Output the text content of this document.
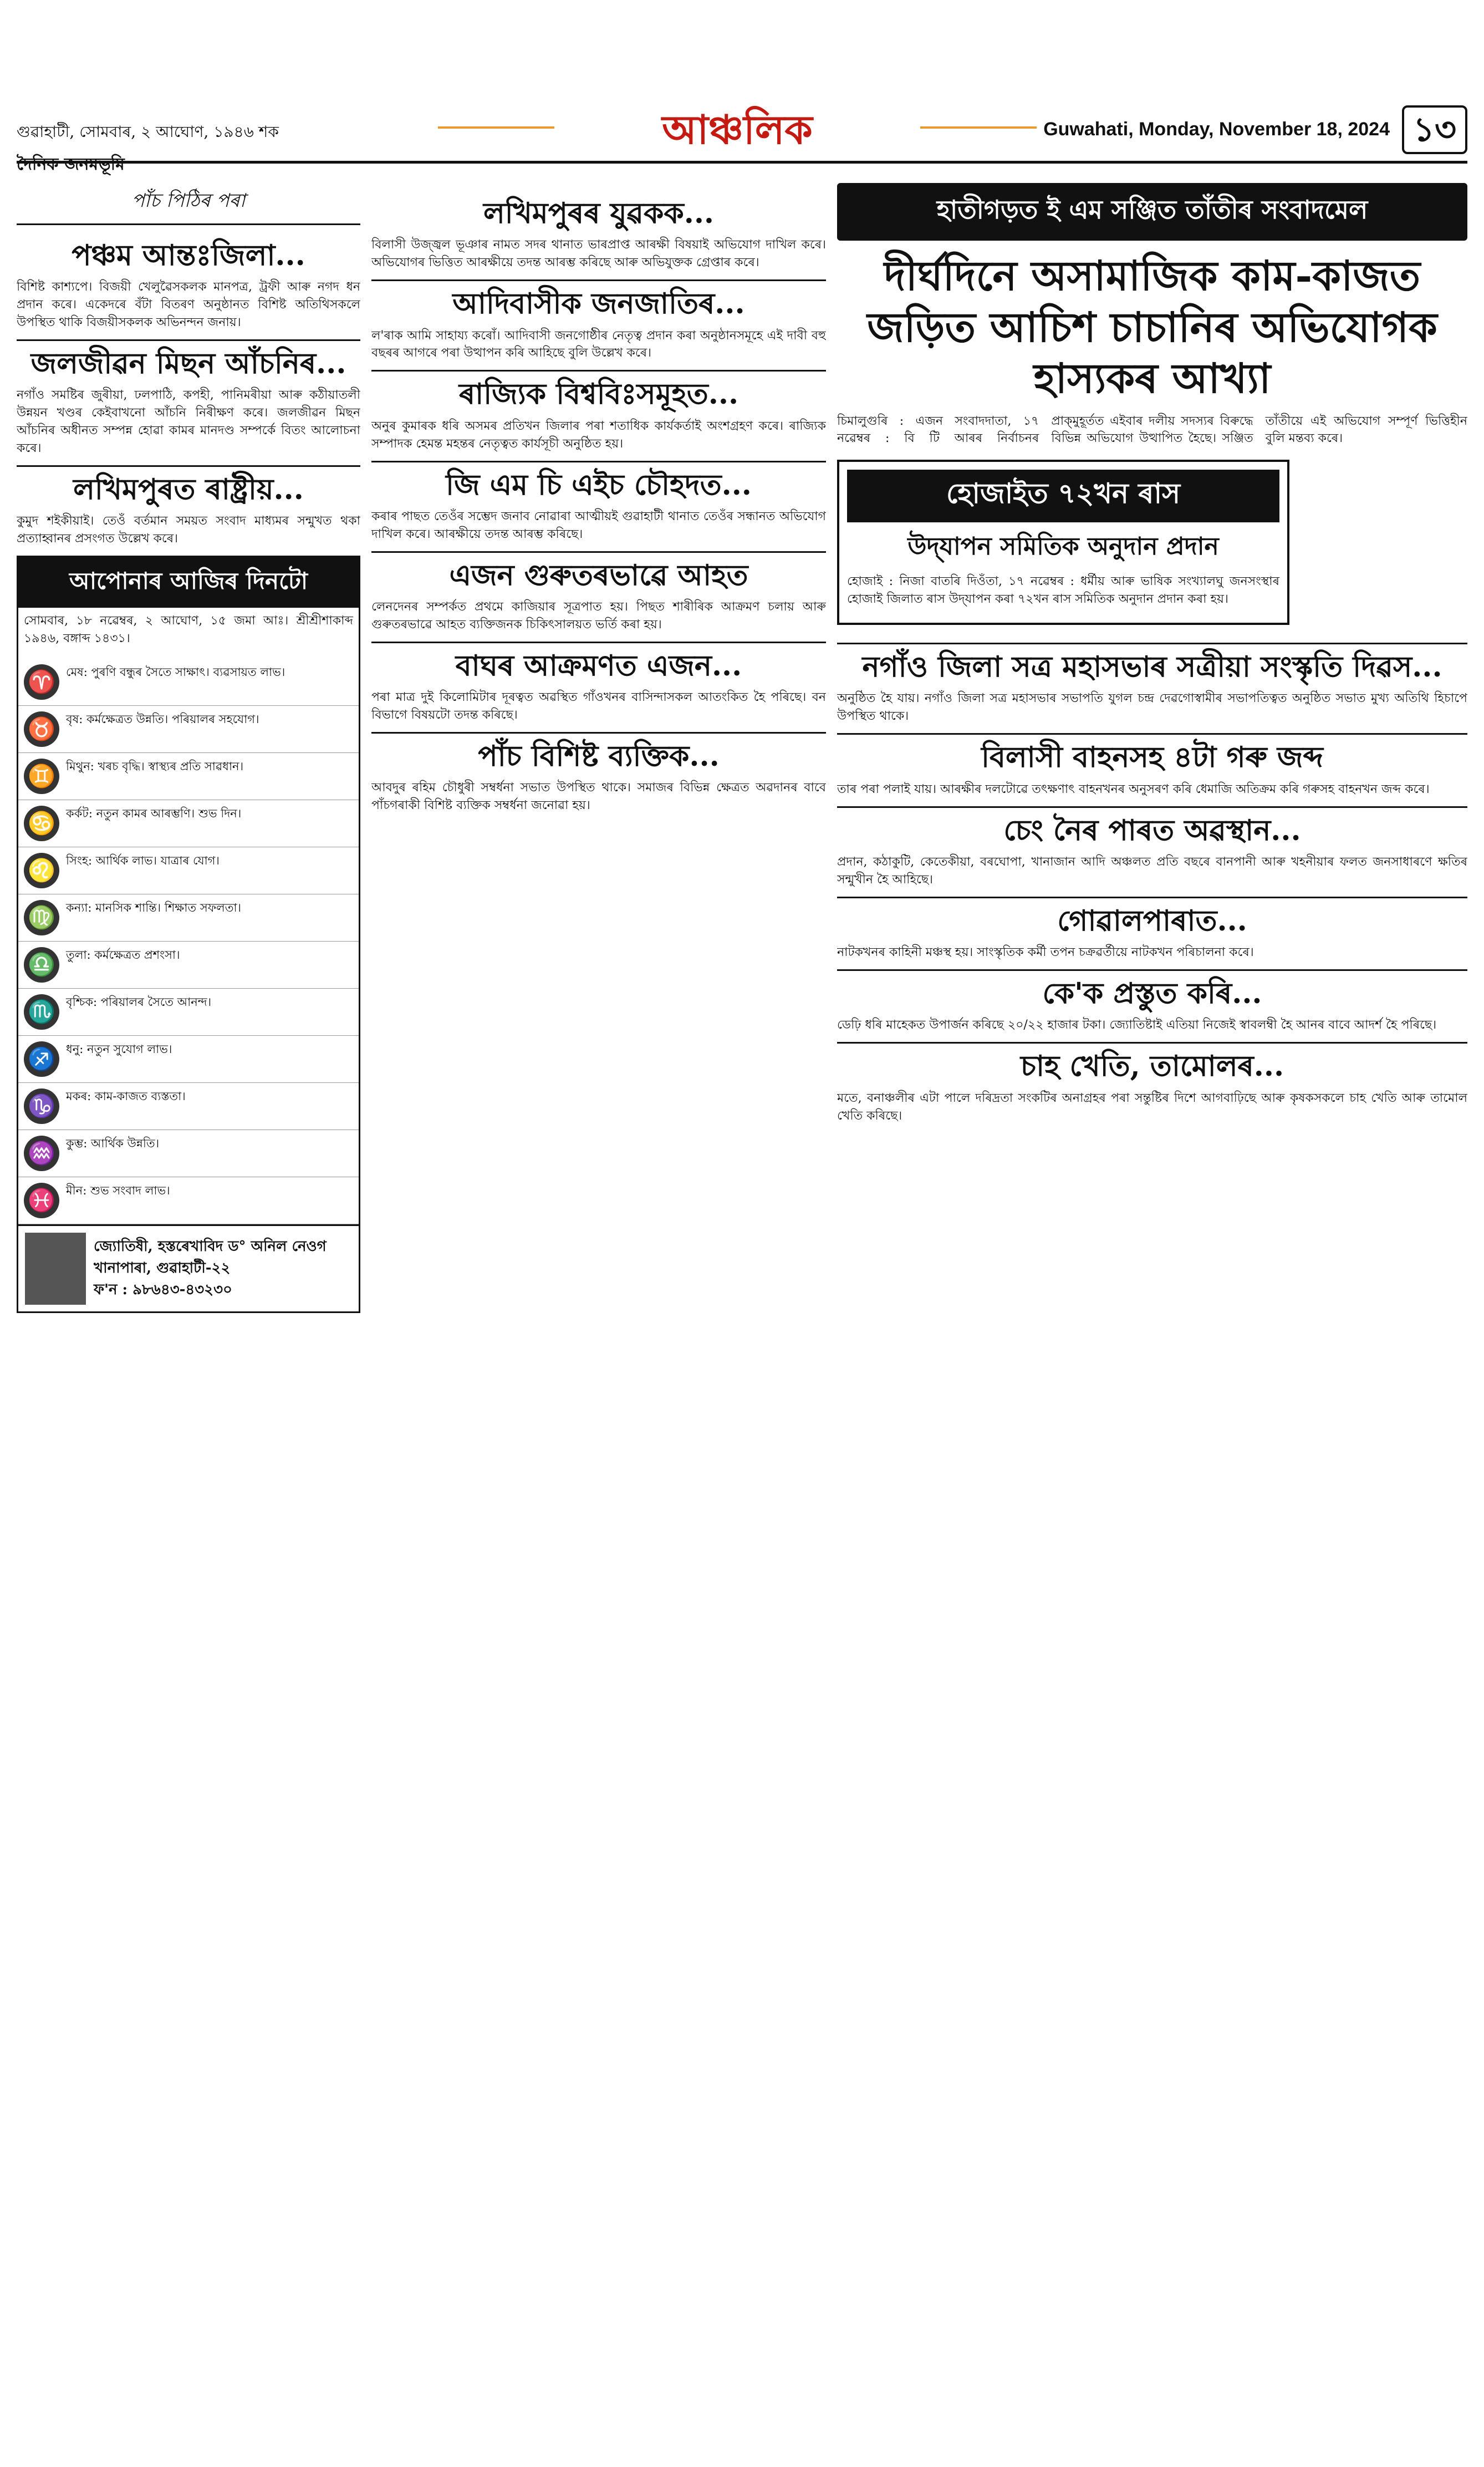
গুৱাহাটী, সোমবাৰ, ২ আঘোণ, ১৯৪৬ শক
দৈনিক জনমভূমি
আঞ্চলিক	Guwahati, Monday, November 18, 2024 ১৩
পাঁচ পিঠিৰ পৰা
পঞ্চম আন্তঃজিলা...

বিশিষ্ট কাশ্যপে। বিজয়ী খেলুৱৈসকলক মানপত্ৰ, ট্ৰফী আৰু নগদ ধন প্ৰদান কৰে। একেদৰে বঁটা বিতৰণ অনুষ্ঠানত বিশিষ্ট অতিথিসকলে উপস্থিত থাকি বিজয়ীসকলক অভিনন্দন জনায়।

জলজীৱন মিছন আঁচনিৰ...

নগাঁও সমষ্টিৰ জুৰীয়া, ঢলপাঠি, কপহী, পানিমৰীয়া আৰু কঠীয়াতলী উন্নয়ন খণ্ডৰ কেইবাখনো আঁচনি নিৰীক্ষণ কৰে। জলজীৱন মিছন আঁচনিৰ অধীনত সম্পন্ন হোৱা কামৰ মানদণ্ড সম্পৰ্কে বিতং আলোচনা কৰে।

লখিমপুৰত ৰাষ্ট্ৰীয়...

কুমুদ শইকীয়াই। তেওঁ বৰ্তমান সময়ত সংবাদ মাধ্যমৰ সন্মুখত থকা প্ৰত্যাহ্বানৰ প্ৰসংগত উল্লেখ কৰে।

আপোনাৰ আজিৰ দিনটো

সোমবাৰ, ১৮ নৱেম্বৰ, ২ আঘোণ, ১৫ জমা আঃ। শ্ৰীশ্ৰীশাকাব্দ ১৯৪৬, বঙ্গাব্দ ১৪৩১।

♈ মেষ: পুৰণি বন্ধুৰ সৈতে সাক্ষাৎ। ব্যৱসায়ত লাভ।
♉ বৃষ: কৰ্মক্ষেত্ৰত উন্নতি। পৰিয়ালৰ সহযোগ।
♊ মিথুন: খৰচ বৃদ্ধি। স্বাস্থ্যৰ প্ৰতি সাৱধান।
♋ কৰ্কট: নতুন কামৰ আৰম্ভণি। শুভ দিন।
♌ সিংহ: আৰ্থিক লাভ। যাত্ৰাৰ যোগ।
♍ কন্যা: মানসিক শান্তি। শিক্ষাত সফলতা।
♎ তুলা: কৰ্মক্ষেত্ৰত প্ৰশংসা।
♏ বৃশ্চিক: পৰিয়ালৰ সৈতে আনন্দ।
♐ ধনু: নতুন সুযোগ লাভ।
♑ মকৰ: কাম-কাজত ব্যস্ততা।
♒ কুম্ভ: আৰ্থিক উন্নতি।
♓ মীন: শুভ সংবাদ লাভ।
জ্যোতিষী, হস্তৰেখাবিদ ড° অনিল নেওগ
খানাপাৰা, গুৱাহাটী-২২
ফ'ন : ৯৮৬৪৩-৪৩২৩০
লখিমপুৰৰ যুৱকক...

বিলাসী উজ্জ্বল ভূঞাৰ নামত সদৰ থানাত ভাৰপ্ৰাপ্ত আৰক্ষী বিষয়াই অভিযোগ দাখিল কৰে। অভিযোগৰ ভিত্তিত আৰক্ষীয়ে তদন্ত আৰম্ভ কৰিছে আৰু অভিযুক্তক গ্ৰেপ্তাৰ কৰে।

আদিবাসীক জনজাতিৰ...

ল'ৰাক আমি সাহায্য কৰোঁ। আদিবাসী জনগোষ্ঠীৰ নেতৃত্ব প্ৰদান কৰা অনুষ্ঠানসমূহে এই দাবী বহু বছৰৰ আগৰে পৰা উত্থাপন কৰি আহিছে বুলি উল্লেখ কৰে।

ৰাজ্যিক বিশ্ববিঃসমূহত...

অনুৰ কুমাৰক ধৰি অসমৰ প্ৰতিখন জিলাৰ পৰা শতাধিক কাৰ্যকৰ্তাই অংশগ্ৰহণ কৰে। ৰাজ্যিক সম্পাদক হেমন্ত মহন্তৰ নেতৃত্বত কাৰ্যসূচী অনুষ্ঠিত হয়।

জি এম চি এইচ চৌহদত...

কৰাৰ পাছত তেওঁৰ সম্ভেদ জনাব নোৱাৰা আত্মীয়ই গুৱাহাটী থানাত তেওঁৰ সন্ধানত অভিযোগ দাখিল কৰে। আৰক্ষীয়ে তদন্ত আৰম্ভ কৰিছে।

এজন গুৰুতৰভাৱে আহত

লেনদেনৰ সম্পৰ্কত প্ৰথমে কাজিয়াৰ সূত্ৰপাত হয়। পিছত শাৰীৰিক আক্ৰমণ চলায় আৰু গুৰুতৰভাৱে আহত ব্যক্তিজনক চিকিৎসালয়ত ভৰ্তি কৰা হয়।

বাঘৰ আক্ৰমণত এজন...

পৰা মাত্ৰ দুই কিলোমিটাৰ দূৰত্বত অৱস্থিত গাঁওখনৰ বাসিন্দাসকল আতংকিত হৈ পৰিছে। বন বিভাগে বিষয়টো তদন্ত কৰিছে।

পাঁচ বিশিষ্ট ব্যক্তিক...

আবদুৰ ৰহিম চৌধুৰী সম্বৰ্ধনা সভাত উপস্থিত থাকে। সমাজৰ বিভিন্ন ক্ষেত্ৰত অৱদানৰ বাবে পাঁচগৰাকী বিশিষ্ট ব্যক্তিক সম্বৰ্ধনা জনোৱা হয়।

হাতীগড়ত ই এম সঞ্জিত তাঁতীৰ সংবাদমেল
দীৰ্ঘদিনে অসামাজিক কাম-কাজত জড়িত আচিশ চাচানিৰ অভিযোগক হাস্যকৰ আখ্যা

চিমালুগুৰি : এজন সংবাদদাতা, ১৭ নৱেম্বৰ : বি টি আৰৰ নিৰ্বাচনৰ প্ৰাক্‌মুহূৰ্তত এইবাৰ দলীয় সদস্যৰ বিৰুদ্ধে বিভিন্ন অভিযোগ উত্থাপিত হৈছে। সঞ্জিত তাঁতীয়ে এই অভিযোগ সম্পূৰ্ণ ভিত্তিহীন বুলি মন্তব্য কৰে।

হোজাইত ৭২খন ৰাস
উদ্‌যাপন সমিতিক অনুদান প্ৰদান

হোজাই : নিজা বাতৰি দিওঁতা, ১৭ নৱেম্বৰ : ধৰ্মীয় আৰু ভাষিক সংখ্যালঘু জনসংস্থাৰ হোজাই জিলাত ৰাস উদ্‌যাপন কৰা ৭২খন ৰাস সমিতিক অনুদান প্ৰদান কৰা হয়।

নগাঁও জিলা সত্ৰ মহাসভাৰ সত্ৰীয়া সংস্কৃতি দিৱস...

অনুষ্ঠিত হৈ যায়। নগাঁও জিলা সত্ৰ মহাসভাৰ সভাপতি যুগল চন্দ্ৰ দেৱগোস্বামীৰ সভাপতিত্বত অনুষ্ঠিত সভাত মুখ্য অতিথি হিচাপে উপস্থিত থাকে।

বিলাসী বাহনসহ ৪টা গৰু জব্দ

তাৰ পৰা পলাই যায়। আৰক্ষীৰ দলটোৱে তৎক্ষণাৎ বাহনখনৰ অনুসৰণ কৰি ধেমাজি অতিক্ৰম কৰি গৰুসহ বাহনখন জব্দ কৰে।

চেং নৈৰ পাৰত অৱস্থান...

প্ৰদান, কঠাকুটি, কেতেকীয়া, বৰঘোপা, খানাজান আদি অঞ্চলত প্ৰতি বছৰে বানপানী আৰু খহনীয়াৰ ফলত জনসাধাৰণে ক্ষতিৰ সন্মুখীন হৈ আহিছে।

গোৱালপাৰাত...

নাটকখনৰ কাহিনী মঞ্চস্থ হয়। সাংস্কৃতিক কৰ্মী তপন চক্ৰৱৰ্তীয়ে নাটকখন পৰিচালনা কৰে।

কে'ক প্ৰস্তুত কৰি...

ডেঢ়ি ধৰি মাহেকত উপাৰ্জন কৰিছে ২০/২২ হাজাৰ টকা। জ্যোতিষ্টাই এতিয়া নিজেই স্বাবলম্বী হৈ আনৰ বাবে আদৰ্শ হৈ পৰিছে।

চাহ খেতি, তামোলৰ...

মতে, বনাঞ্চলীৰ এটা পালে দৰিদ্ৰতা সংকটিৰ অনাগ্ৰহৰ পৰা সন্তুষ্টিৰ দিশে আগবাঢ়িছে আৰু কৃষকসকলে চাহ খেতি আৰু তামোল খেতি কৰিছে।
